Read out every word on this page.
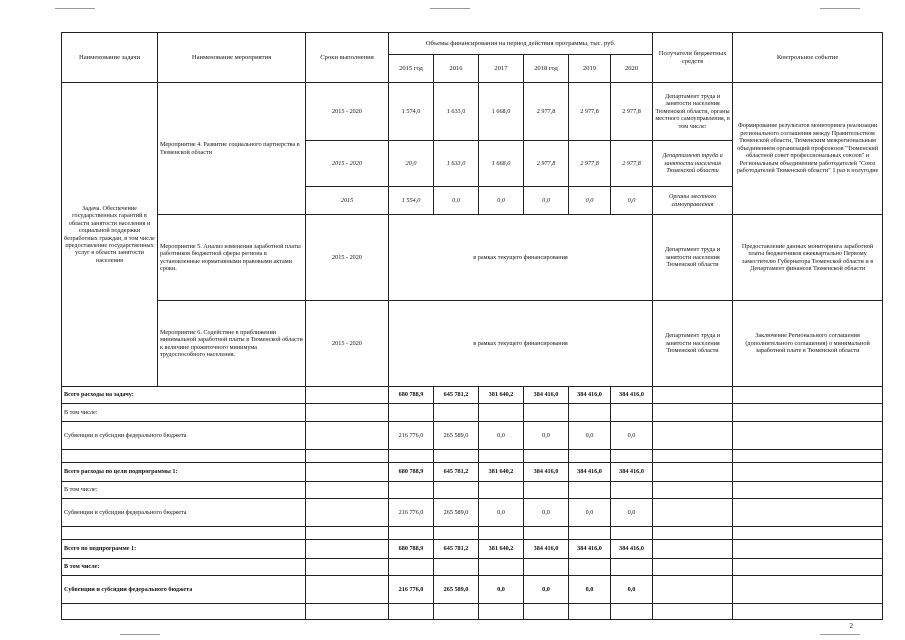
Наименование задачи	Наименование мероприятия	Сроки выполнения	Объемы финансирования на период действия программы, тыс. руб.						Получатели бюджетных средств	Контрольное событие
			2015 год	2016	2017	2018 год	2019	2020		
Задача. Обеспечение государственных гарантий в области занятости населения и социальной поддержки безработных граждан, в том числе предоставление государственных услуг в области занятости населения	Мероприятие 4. Развитие социального партнерства в Тюменской области	2015 - 2020	1 574,0	1 633,0	1 668,0	2 977,8	2 977,8	2 977,8	Департамент труда и занятости населения Тюменской области, органы местного самоуправления, в том числе:	Формирование результатов мониторинга реализации регионального соглашения между Правительством Тюменской области, Тюменским межрегиональным объединением организаций профсоюзов "Тюменский областной совет профессиональных союзов" и Региональным объединением работодателей "Союз работодателей Тюменской области" 1 раз в полугодие
		2015 - 2020	20,0	1 633,0	1 668,0	2 977,8	2 977,8	2 977,8	Департамент труда и занятости населения Тюменской области	
		2015	1 554,0	0,0	0,0	0,0	0,0	0,0	Органы местного самоуправления	
	Мероприятие 5. Анализ изменения заработной платы работников бюджетной сферы региона в установленные нормативными правовыми актами сроки.	2015 - 2020	в рамках текущего финансирования						Департамент труда и занятости населения Тюменской области	Предоставление данных мониторинга заработной платы бюджетников ежеквартально Первому заместителю Губернатора Тюменской области и в Департамент финансов Тюменской области
	Мероприятие 6. Содействие в приближении минимальной заработной платы в Тюменской области к величине прожиточного минимума трудоспособного населения.	2015 - 2020	в рамках текущего финансирования						Департамент труда и занятости населения Тюменской области	Заключение Регионального соглашения (дополнительного соглашения) о минимальной заработной плате в Тюменской области
Всего расходы на задачу:			680 788,9	645 781,2	381 640,2	384 416,0	384 416,0	384 416,0		
В том числе:										
Субвенции и субсидии федерального бюджета			216 776,0	265 589,0	0,0	0,0	0,0	0,0		

Всего расходы по цели подпрограммы 1:			680 788,9	645 781,2	381 640,2	384 416,0	384 416,0	384 416,0		
В том числе:										
Субвенции и субсидии федерального бюджета			216 776,0	265 589,0	0,0	0,0	0,0	0,0		

Всего по подпрограмме 1:			680 788,9	645 781,2	381 640,2	384 416,0	384 416,0	384 416,0		
В том числе:										
Субвенции и субсидии федерального бюджета			216 776,0	265 589,0	0,0	0,0	0,0	0,0		

2
